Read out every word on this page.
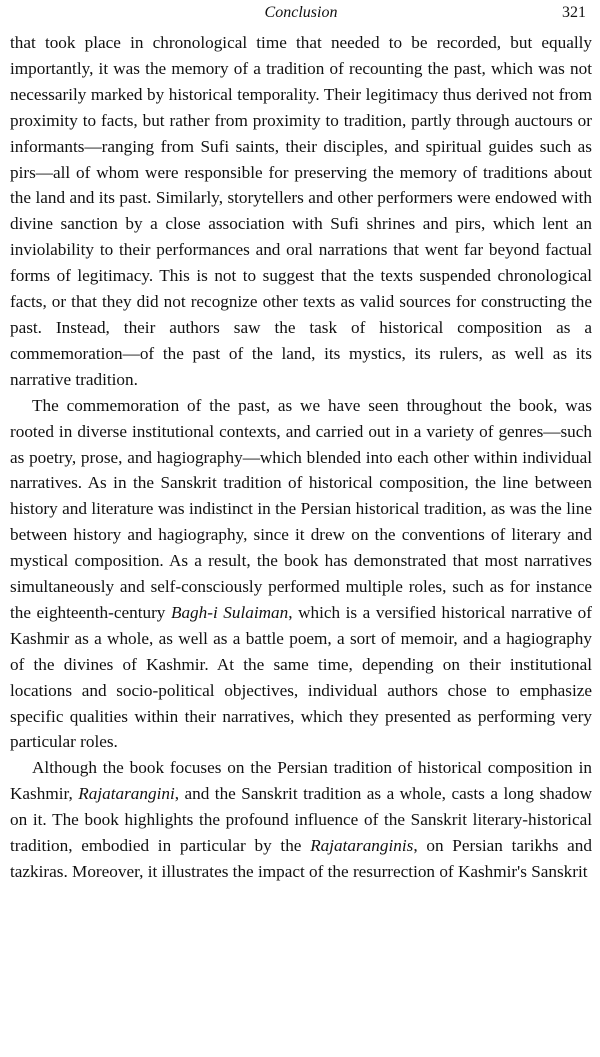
Conclusion	321

that took place in chronological time that needed to be recorded, but equally importantly, it was the memory of a tradition of recounting the past, which was not necessarily marked by historical temporality. Their legitimacy thus derived not from proximity to facts, but rather from proximity to tradition, partly through auctours or informants—ranging from Sufi saints, their disciples, and spiritual guides such as pirs—all of whom were responsible for preserving the memory of traditions about the land and its past. Similarly, storytellers and other performers were endowed with divine sanction by a close association with Sufi shrines and pirs, which lent an inviolability to their performances and oral narrations that went far beyond factual forms of legitimacy. This is not to suggest that the texts suspended chronological facts, or that they did not recognize other texts as valid sources for constructing the past. Instead, their authors saw the task of historical composition as a commemoration—of the past of the land, its mystics, its rulers, as well as its narrative tradition.

The commemoration of the past, as we have seen throughout the book, was rooted in diverse institutional contexts, and carried out in a variety of genres—such as poetry, prose, and hagiography—which blended into each other within individual narratives. As in the Sanskrit tradition of historical composition, the line between history and literature was indistinct in the Persian historical tradition, as was the line between history and hagiography, since it drew on the conventions of literary and mystical composition. As a result, the book has demonstrated that most narratives simultaneously and self-consciously performed multiple roles, such as for instance the eighteenth-century Bagh-i Sulaiman, which is a versified historical narrative of Kashmir as a whole, as well as a battle poem, a sort of memoir, and a hagiography of the divines of Kashmir. At the same time, depending on their institutional locations and socio-political objectives, individual authors chose to emphasize specific qualities within their narratives, which they presented as performing very particular roles.

Although the book focuses on the Persian tradition of historical composition in Kashmir, Rajatarangini, and the Sanskrit tradition as a whole, casts a long shadow on it. The book highlights the profound influence of the Sanskrit literary-historical tradition, embodied in particular by the Rajataranginis, on Persian tarikhs and tazkiras. Moreover, it illustrates the impact of the resurrection of Kashmir's Sanskrit
